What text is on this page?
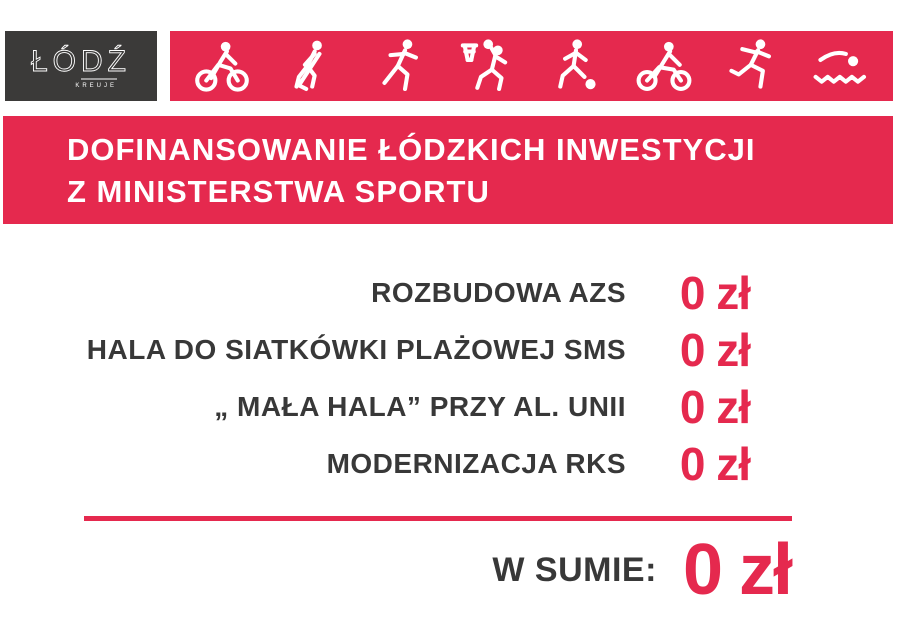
ŁÓDŹ
KREUJE
DOFINANSOWANIE ŁÓDZKICH INWESTYCJI
Z MINISTERSTWA SPORTU
ROZBUDOWA AZS	0 zł
HALA DO SIATKÓWKI PLAŻOWEJ SMS	0 zł
„ MAŁA HALA” PRZY AL. UNII	0 zł
MODERNIZACJA RKS	0 zł
W SUMIE: 0 zł
